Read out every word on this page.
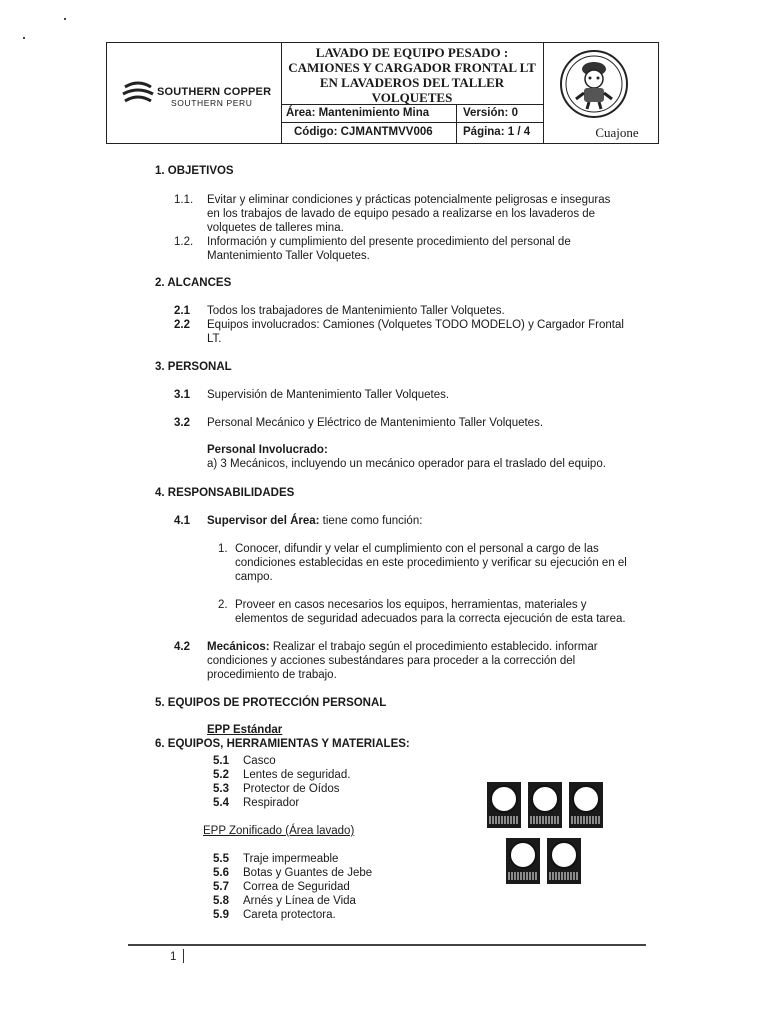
SOUTHERN COPPER
SOUTHERN PERU
LAVADO DE EQUIPO PESADO : CAMIONES Y CARGADOR FRONTAL LT EN LAVADEROS DEL TALLER VOLQUETES
Área: Mantenimiento Mina	Versión: 0
Código: CJMANTMVV006	Página: 1 / 4	Cuajone
1. OBJETIVOS
1.1. Evitar y eliminar condiciones y prácticas potencialmente peligrosas e inseguras
en los trabajos de lavado de equipo pesado a realizarse en los lavaderos de
volquetes de talleres mina.
1.2. Información y cumplimiento del presente procedimiento del personal de
Mantenimiento Taller Volquetes.
2. ALCANCES
2.1 Todos los trabajadores de Mantenimiento Taller Volquetes.
2.2 Equipos involucrados: Camiones (Volquetes TODO MODELO) y Cargador Frontal
LT.
3. PERSONAL
3.1 Supervisión de Mantenimiento Taller Volquetes.
3.2 Personal Mecánico y Eléctrico de Mantenimiento Taller Volquetes.
Personal Involucrado:
a) 3 Mecánicos, incluyendo un mecánico operador para el traslado del equipo.
4. RESPONSABILIDADES
4.1 Supervisor del Área: tiene como función:
1. Conocer, difundir y velar el cumplimiento con el personal a cargo de las
condiciones establecidas en este procedimiento y verificar su ejecución en el
campo.
2. Proveer en casos necesarios los equipos, herramientas, materiales y
elementos de seguridad adecuados para la correcta ejecución de esta tarea.
4.2 Mecánicos: Realizar el trabajo según el procedimiento establecido. informar
condiciones y acciones subestándares para proceder a la corrección del
procedimiento de trabajo.
5. EQUIPOS DE PROTECCIÓN PERSONAL
EPP Estándar
6. EQUIPOS, HERRAMIENTAS Y MATERIALES:
5.1 Casco
5.2 Lentes de seguridad.
5.3 Protector de Oídos
5.4 Respirador
EPP Zonificado (Área lavado)
5.5 Traje impermeable
5.6 Botas y Guantes de Jebe
5.7 Correa de Seguridad
5.8 Arnés y Línea de Vida
5.9 Careta protectora.
1
